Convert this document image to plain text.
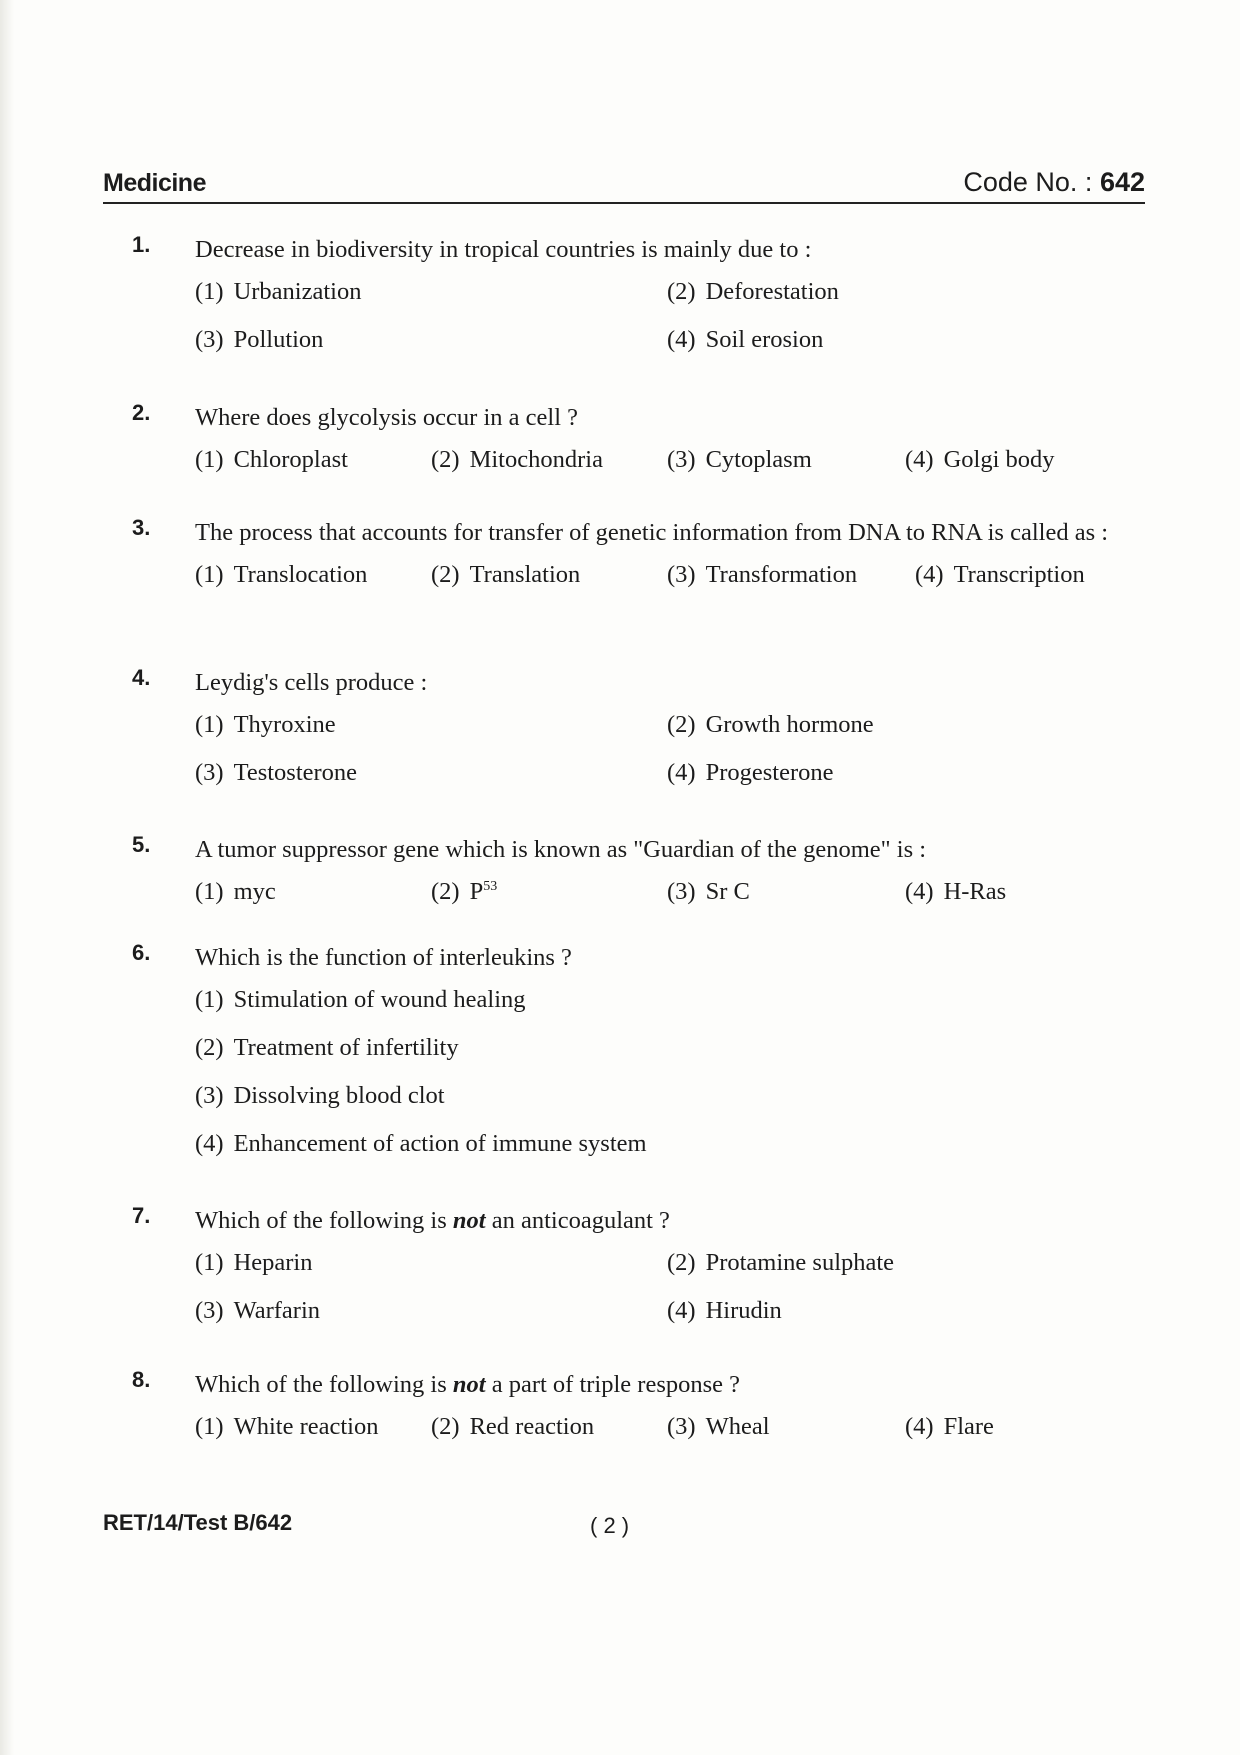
Medicine	Code No. : 642
1. Decrease in biodiversity in tropical countries is mainly due to :
(1) Urbanization	(2) Deforestation
(3) Pollution	(4) Soil erosion
2. Where does glycolysis occur in a cell ?
(1) Chloroplast	(2) Mitochondria	(3) Cytoplasm	(4) Golgi body
3. The process that accounts for transfer of genetic information from DNA to RNA is called as :
(1) Translocation	(2) Translation	(3) Transformation (4) Transcription
4. Leydig's cells produce :
(1) Thyroxine	(2) Growth hormone
(3) Testosterone	(4) Progesterone
5. A tumor suppressor gene which is known as "Guardian of the genome" is :
(1) myc	(2) $P^{53}$	(3) Sr C	(4) H-Ras
6. Which is the function of interleukins ?
(1) Stimulation of wound healing
(2) Treatment of infertility
(3) Dissolving blood clot
(4) Enhancement of action of immune system
7. Which of the following is not an anticoagulant ?
(1) Heparin	(2) Protamine sulphate
(3) Warfarin	(4) Hirudin
8. Which of the following is not a part of triple response ?
(1) White reaction (2) Red reaction	(3) Wheal	(4) Flare
RET/14/Test B/642	( 2 )
